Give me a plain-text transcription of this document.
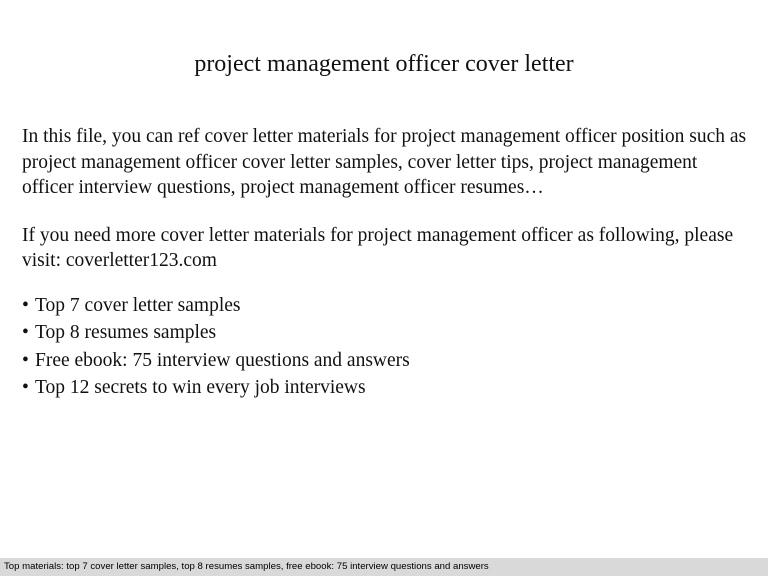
project management officer cover letter

In this file, you can ref cover letter materials for project management officer position such as project management officer cover letter samples, cover letter tips, project management officer interview questions, project management officer resumes…

If you need more cover letter materials for project management officer as following, please visit: coverletter123.com

• Top 7 cover letter samples
• Top 8 resumes samples
• Free ebook: 75 interview questions and answers
• Top 12 secrets to win every job interviews
Top materials: top 7 cover letter samples, top 8 resumes samples, free ebook: 75 interview questions and answers
